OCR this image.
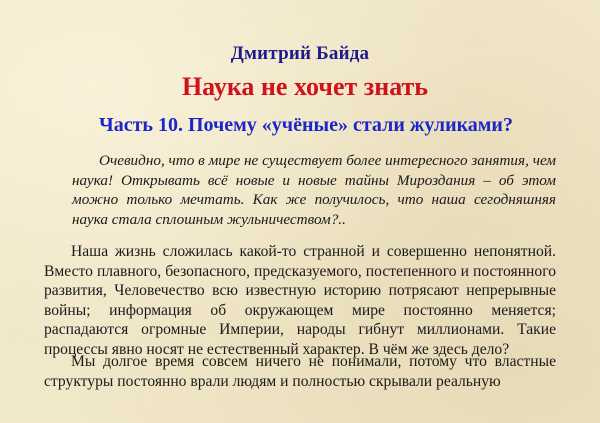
Дмитрий Байда
Наука не хочет знать
Часть 10. Почему «учёные» стали жуликами?

Очевидно, что в мире не существует более интересного занятия, чем наука! Открывать всё новые и новые тайны Мироздания – об этом можно только мечтать. Как же получилось, что наша сегодняшняя наука стала сплошным жульничеством?..

Наша жизнь сложилась какой-то странной и совершенно непонятной. Вместо плавного, безопасного, предсказуемого, постепенного и постоянного развития, Человечество всю известную историю потрясают непрерывные войны; информация об окружающем мире постоянно меняется; распадаются огромные Империи, народы гибнут миллионами. Такие процессы явно носят не естественный характер. В чём же здесь дело?

Мы долгое время совсем ничего не понимали, потому что властные структуры постоянно врали людям и полностью скрывали реальную
